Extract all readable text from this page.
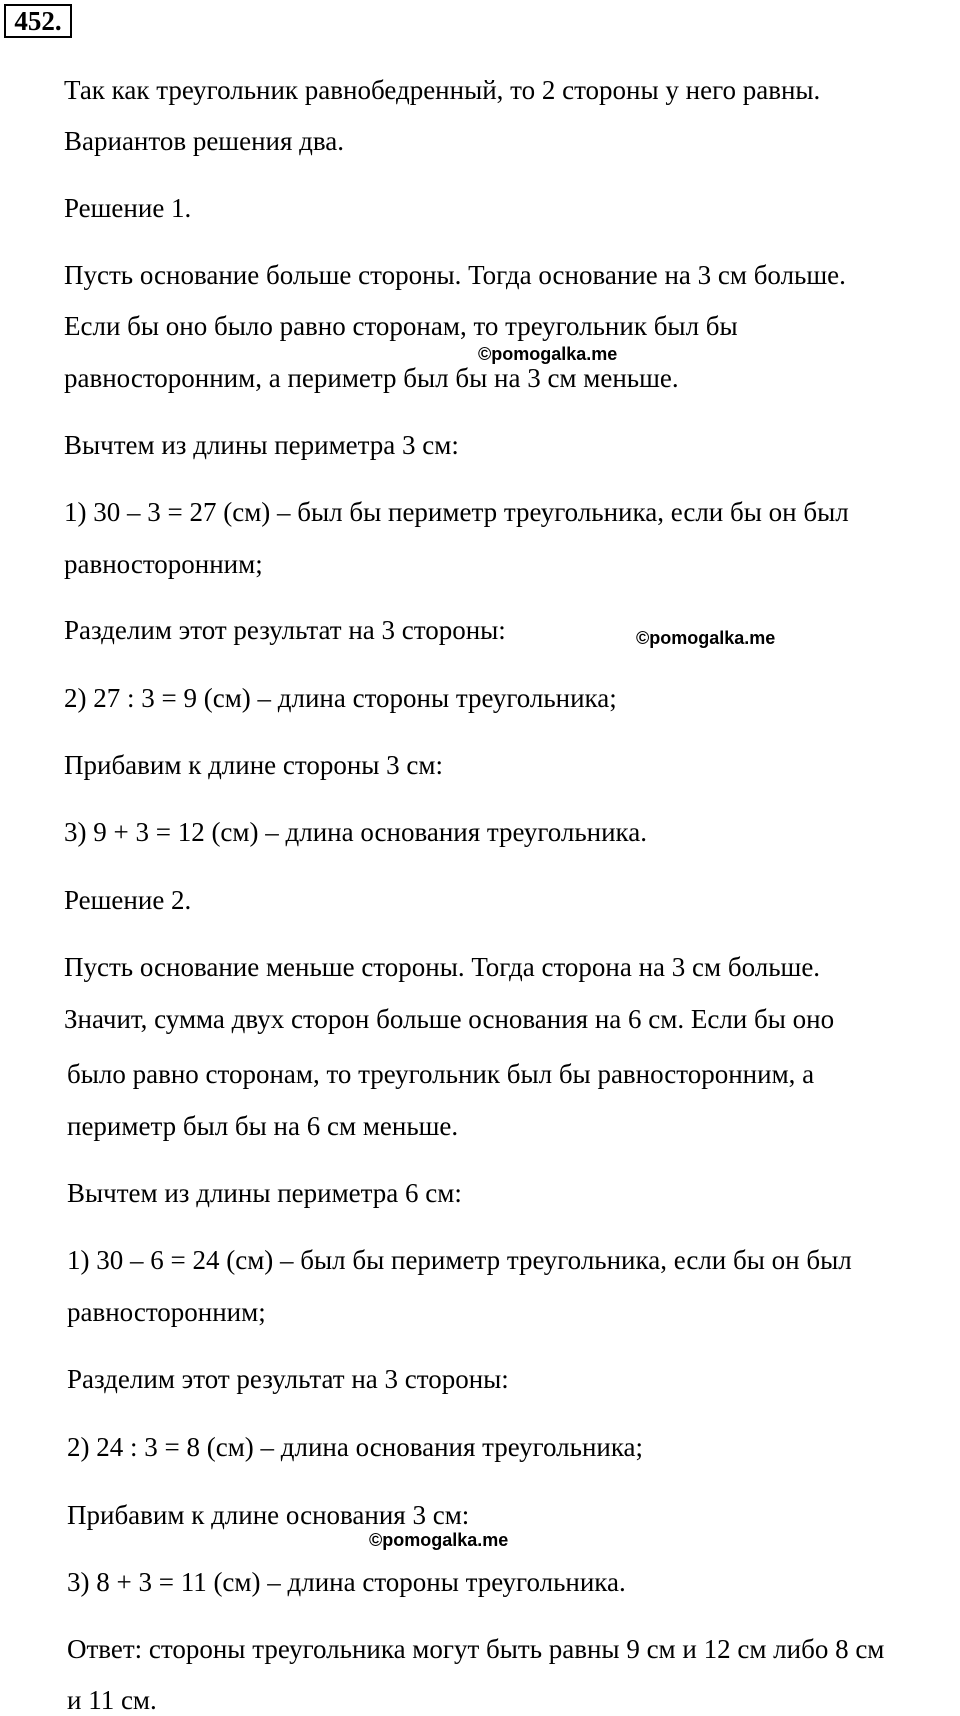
452.
Так как треугольник равнобедренный, то 2 стороны у него равны.
Вариантов решения два.
Решение 1.
Пусть основание больше стороны. Тогда основание на 3 см больше.
Если бы оно было равно сторонам, то треугольник был бы
равносторонним, а периметр был бы на 3 см меньше.
Вычтем из длины периметра 3 см:
1) 30 – 3 = 27 (см) – был бы периметр треугольника, если бы он был
равносторонним;
Разделим этот результат на 3 стороны:
2) 27 : 3 = 9 (см) – длина стороны треугольника;
Прибавим к длине стороны 3 см:
3) 9 + 3 = 12 (см) – длина основания треугольника.
Решение 2.
Пусть основание меньше стороны. Тогда сторона на 3 см больше.
Значит, сумма двух сторон больше основания на 6 см. Если бы оно
было равно сторонам, то треугольник был бы равносторонним, а
периметр был бы на 6 см меньше.
Вычтем из длины периметра 6 см:
1) 30 – 6 = 24 (см) – был бы периметр треугольника, если бы он был
равносторонним;
Разделим этот результат на 3 стороны:
2) 24 : 3 = 8 (см) – длина основания треугольника;
Прибавим к длине основания 3 см:
3) 8 + 3 = 11 (см) – длина стороны треугольника.
Ответ: стороны треугольника могут быть равны 9 см и 12 см либо 8 см
и 11 см.
©pomogalka.me
©pomogalka.me
©pomogalka.me
